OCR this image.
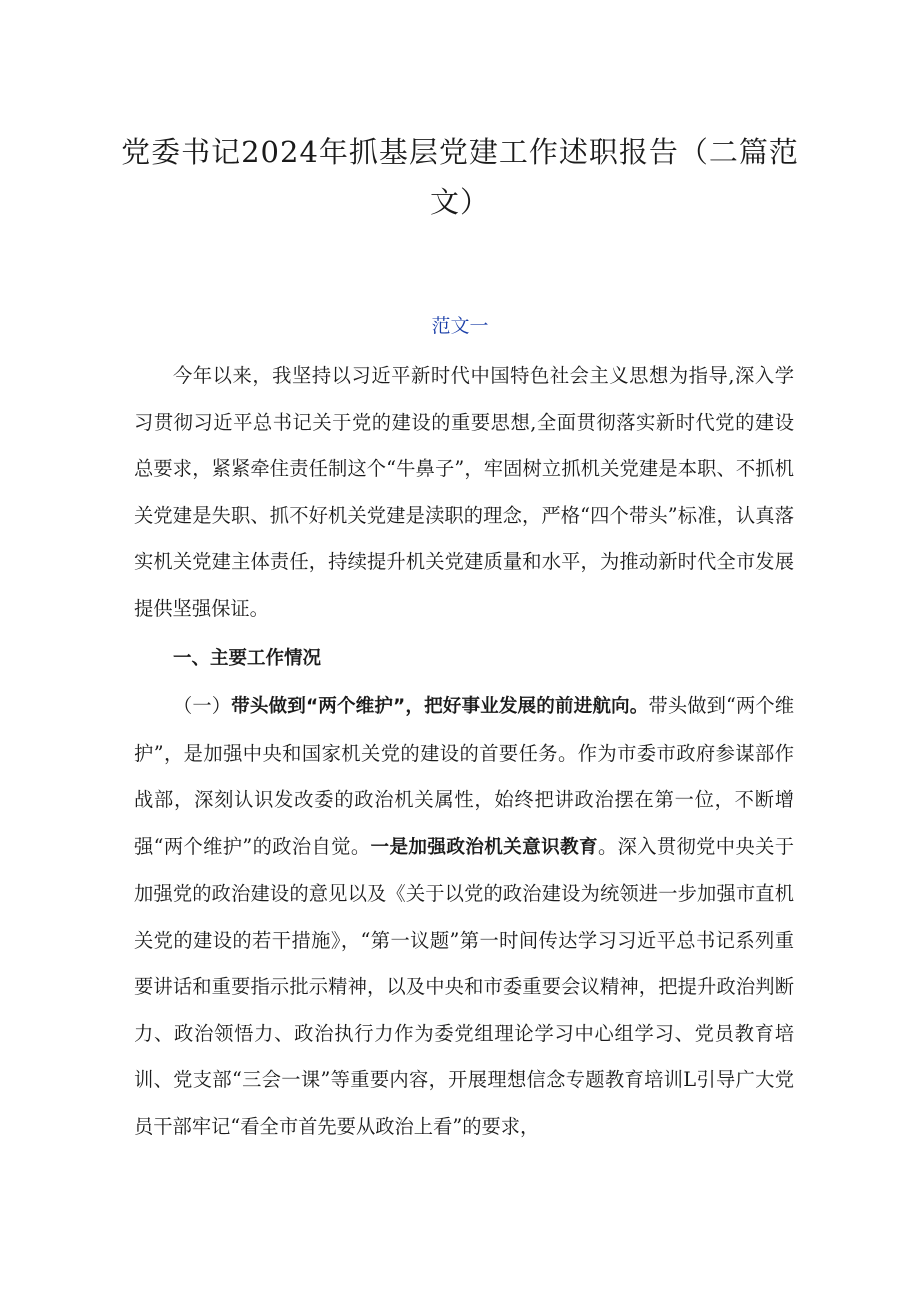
党委书记2024年抓基层党建工作述职报告（二篇范
文）
范文一

今年以来，我坚持以习近平新时代中国特色社会主义思想为指导,深入学习贯彻习近平总书记关于党的建设的重要思想,全面贯彻落实新时代党的建设总要求，紧紧牵住责任制这个“牛鼻子”，牢固树立抓机关党建是本职、不抓机关党建是失职、抓不好机关党建是渎职的理念，严格“四个带头”标准，认真落实机关党建主体责任，持续提升机关党建质量和水平，为推动新时代全市发展提供坚强保证。

一、主要工作情况

（一）带头做到“两个维护”，把好事业发展的前进航向。带头做到“两个维护”，是加强中央和国家机关党的建设的首要任务。作为市委市政府参谋部作战部，深刻认识发改委的政治机关属性，始终把讲政治摆在第一位，不断增强“两个维护”的政治自觉。一是加强政治机关意识教育。深入贯彻党中央关于加强党的政治建设的意见以及《关于以党的政治建设为统领进一步加强市直机关党的建设的若干措施》，“第一议题”第一时间传达学习习近平总书记系列重要讲话和重要指示批示精神，以及中央和市委重要会议精神，把提升政治判断力、政治领悟力、政治执行力作为委党组理论学习中心组学习、党员教育培训、党支部“三会一课”等重要内容，开展理想信念专题教育培训L引导广大党员干部牢记“看全市首先要从政治上看”的要求，
